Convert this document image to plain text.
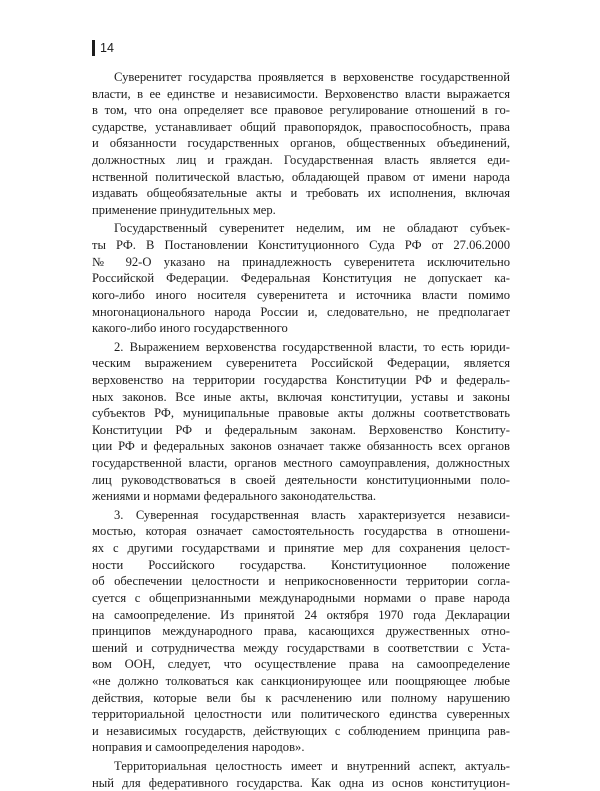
14
Суверенитет государства проявляется в верховенстве государственной
власти, в ее единстве и независимости. Верховенство власти выражается
в том, что она определяет все правовое регулирование отношений в го-
сударстве, устанавливает общий правопорядок, правоспособность, права
и обязанности государственных органов, общественных объединений,
должностных лиц и граждан. Государственная власть является еди-
нственной политической властью, обладающей правом от имени народа
издавать общеобязательные акты и требовать их исполнения, включая
применение принудительных мер.
Государственный суверенитет неделим, им не обладают субъек-
ты РФ. В Постановлении Конституционного Суда РФ от 27.06.2000
№ 92-О указано на принадлежность суверенитета исключительно
Российской Федерации. Федеральная Конституция не допускает ка-
кого-либо иного носителя суверенитета и источника власти помимо
многонационального народа России и, следовательно, не предполагает
какого-либо иного государственного
2. Выражением верховенства государственной власти, то есть юриди-
ческим выражением суверенитета Российской Федерации, является
верховенство на территории государства Конституции РФ и федераль-
ных законов. Все иные акты, включая конституции, уставы и законы
субъектов РФ, муниципальные правовые акты должны соответствовать
Конституции РФ и федеральным законам. Верховенство Конститу-
ции РФ и федеральных законов означает также обязанность всех органов
государственной власти, органов местного самоуправления, должностных
лиц руководствоваться в своей деятельности конституционными поло-
жениями и нормами федерального законодательства.
3. Суверенная государственная власть характеризуется независи-
мостью, которая означает самостоятельность государства в отношени-
ях с другими государствами и принятие мер для сохранения целост-
ности Российского государства. Конституционное положение
об обеспечении целостности и неприкосновенности территории согла-
суется с общепризнанными международными нормами о праве народа
на самоопределение. Из принятой 24 октября 1970 года Декларации
принципов международного права, касающихся дружественных отно-
шений и сотрудничества между государствами в соответствии с Уста-
вом ООН, следует, что осуществление права на самоопределение
«не должно толковаться как санкционирующее или поощряющее любые
действия, которые вели бы к расчленению или полному нарушению
территориальной целостности или политического единства суверенных
и независимых государств, действующих с соблюдением принципа рав-
ноправия и самоопределения народов».
Территориальная целостность имеет и внутренний аспект, актуаль-
ный для федеративного государства. Как одна из основ конституцион-
